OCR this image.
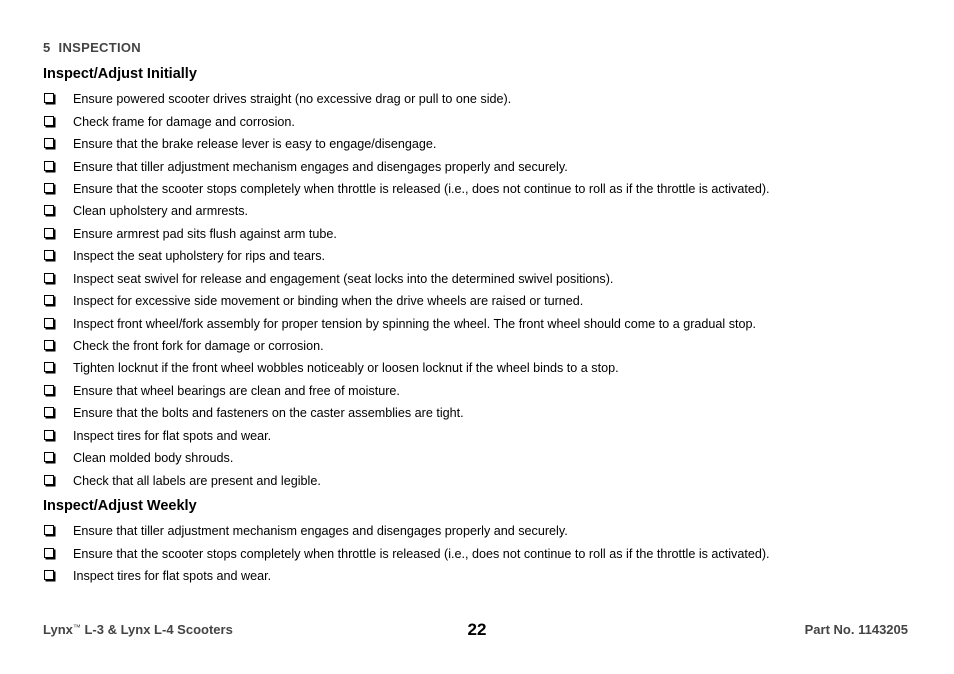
5 INSPECTION
Inspect/Adjust Initially
Ensure powered scooter drives straight (no excessive drag or pull to one side).
Check frame for damage and corrosion.
Ensure that the brake release lever is easy to engage/disengage.
Ensure that tiller adjustment mechanism engages and disengages properly and securely.
Ensure that the scooter stops completely when throttle is released (i.e., does not continue to roll as if the throttle is activated).
Clean upholstery and armrests.
Ensure armrest pad sits flush against arm tube.
Inspect the seat upholstery for rips and tears.
Inspect seat swivel for release and engagement (seat locks into the determined swivel positions).
Inspect for excessive side movement or binding when the drive wheels are raised or turned.
Inspect front wheel/fork assembly for proper tension by spinning the wheel. The front wheel should come to a gradual stop.
Check the front fork for damage or corrosion.
Tighten locknut if the front wheel wobbles noticeably or loosen locknut if the wheel binds to a stop.
Ensure that wheel bearings are clean and free of moisture.
Ensure that the bolts and fasteners on the caster assemblies are tight.
Inspect tires for flat spots and wear.
Clean molded body shrouds.
Check that all labels are present and legible.
Inspect/Adjust Weekly
Ensure that tiller adjustment mechanism engages and disengages properly and securely.
Ensure that the scooter stops completely when throttle is released (i.e., does not continue to roll as if the throttle is activated).
Inspect tires for flat spots and wear.
Lynx™ L-3 & Lynx L-4 Scooters	22	Part No. 1143205
